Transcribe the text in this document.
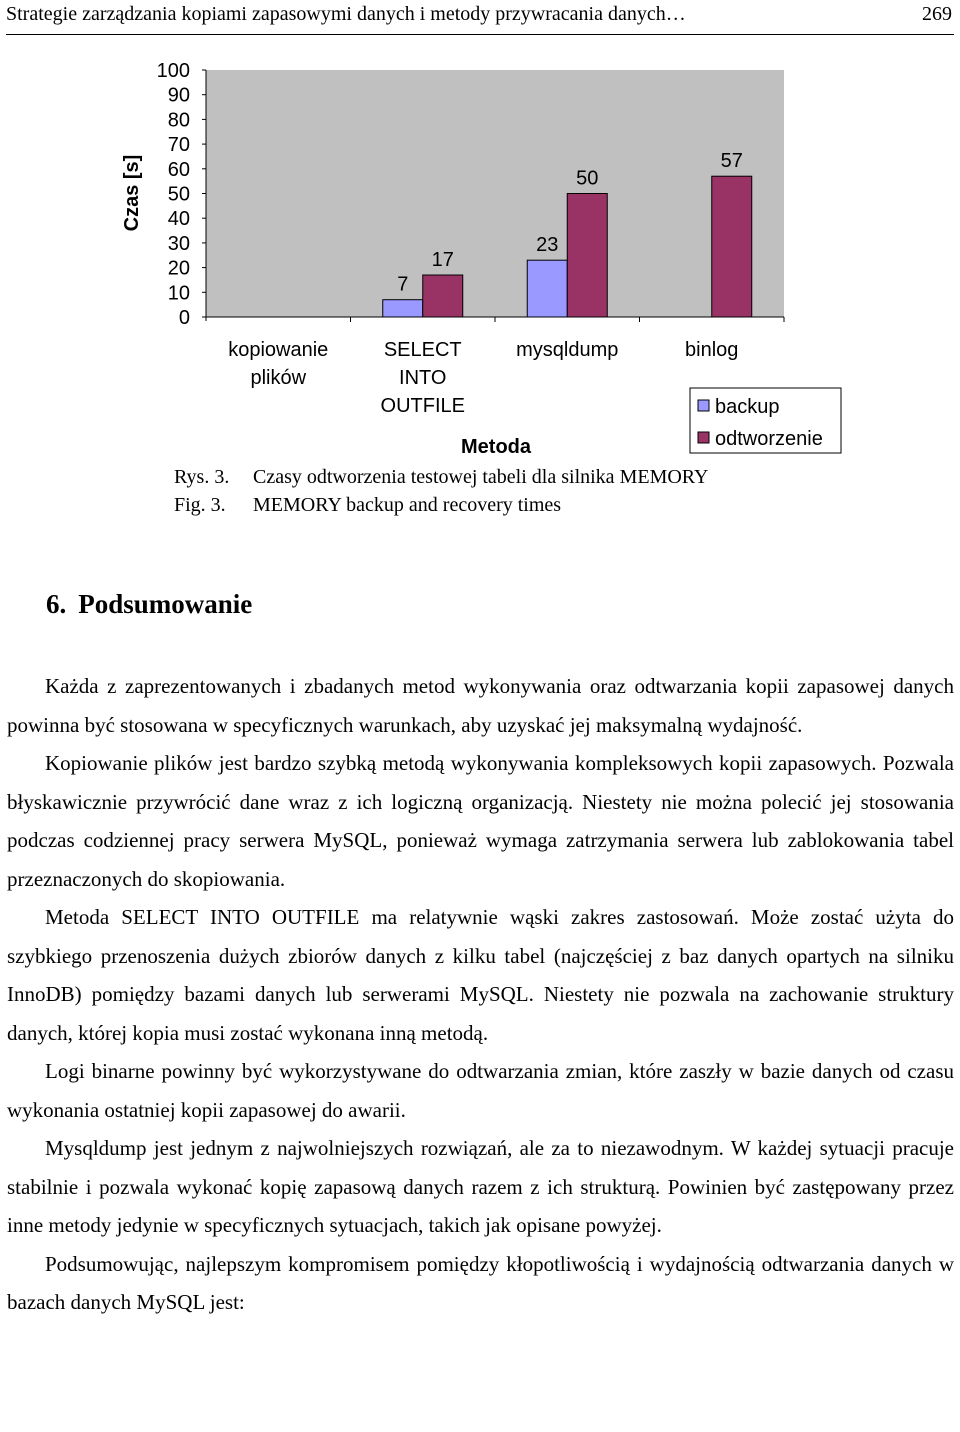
Strategie zarządzania kopiami zapasowymi danych i metody przywracania danych…	269
0
10
20
30
40
50
60
70
80
90
100
7
23
17
50
57
kopiowanie
plików
SELECT
INTO
OUTFILE
mysqldump	binlog
Metoda
Czas [s]
backup
odtworzenie
Rys. 3. Czasy odtworzenia testowej tabeli dla silnika MEMORY
Fig. 3. MEMORY backup and recovery times
6. Podsumowanie

Każda z zaprezentowanych i zbadanych metod wykonywania oraz odtwarzania kopii zapasowej danych powinna być stosowana w specyficznych warunkach, aby uzyskać jej maksymalną wydajność.

Kopiowanie plików jest bardzo szybką metodą wykonywania kompleksowych kopii zapasowych. Pozwala błyskawicznie przywrócić dane wraz z ich logiczną organizacją. Niestety nie można polecić jej stosowania podczas codziennej pracy serwera MySQL, ponieważ wymaga zatrzymania serwera lub zablokowania tabel przeznaczonych do skopiowania.

Metoda SELECT INTO OUTFILE ma relatywnie wąski zakres zastosowań. Może zostać użyta do szybkiego przenoszenia dużych zbiorów danych z kilku tabel (najczęściej z baz danych opartych na silniku InnoDB) pomiędzy bazami danych lub serwerami MySQL. Niestety nie pozwala na zachowanie struktury danych, której kopia musi zostać wykonana inną metodą.

Logi binarne powinny być wykorzystywane do odtwarzania zmian, które zaszły w bazie danych od czasu wykonania ostatniej kopii zapasowej do awarii.

Mysqldump jest jednym z najwolniejszych rozwiązań, ale za to niezawodnym. W każdej sytuacji pracuje stabilnie i pozwala wykonać kopię zapasową danych razem z ich strukturą. Powinien być zastępowany przez inne metody jedynie w specyficznych sytuacjach, takich jak opisane powyżej.

Podsumowując, najlepszym kompromisem pomiędzy kłopotliwością i wydajnością odtwarzania danych w bazach danych MySQL jest:
